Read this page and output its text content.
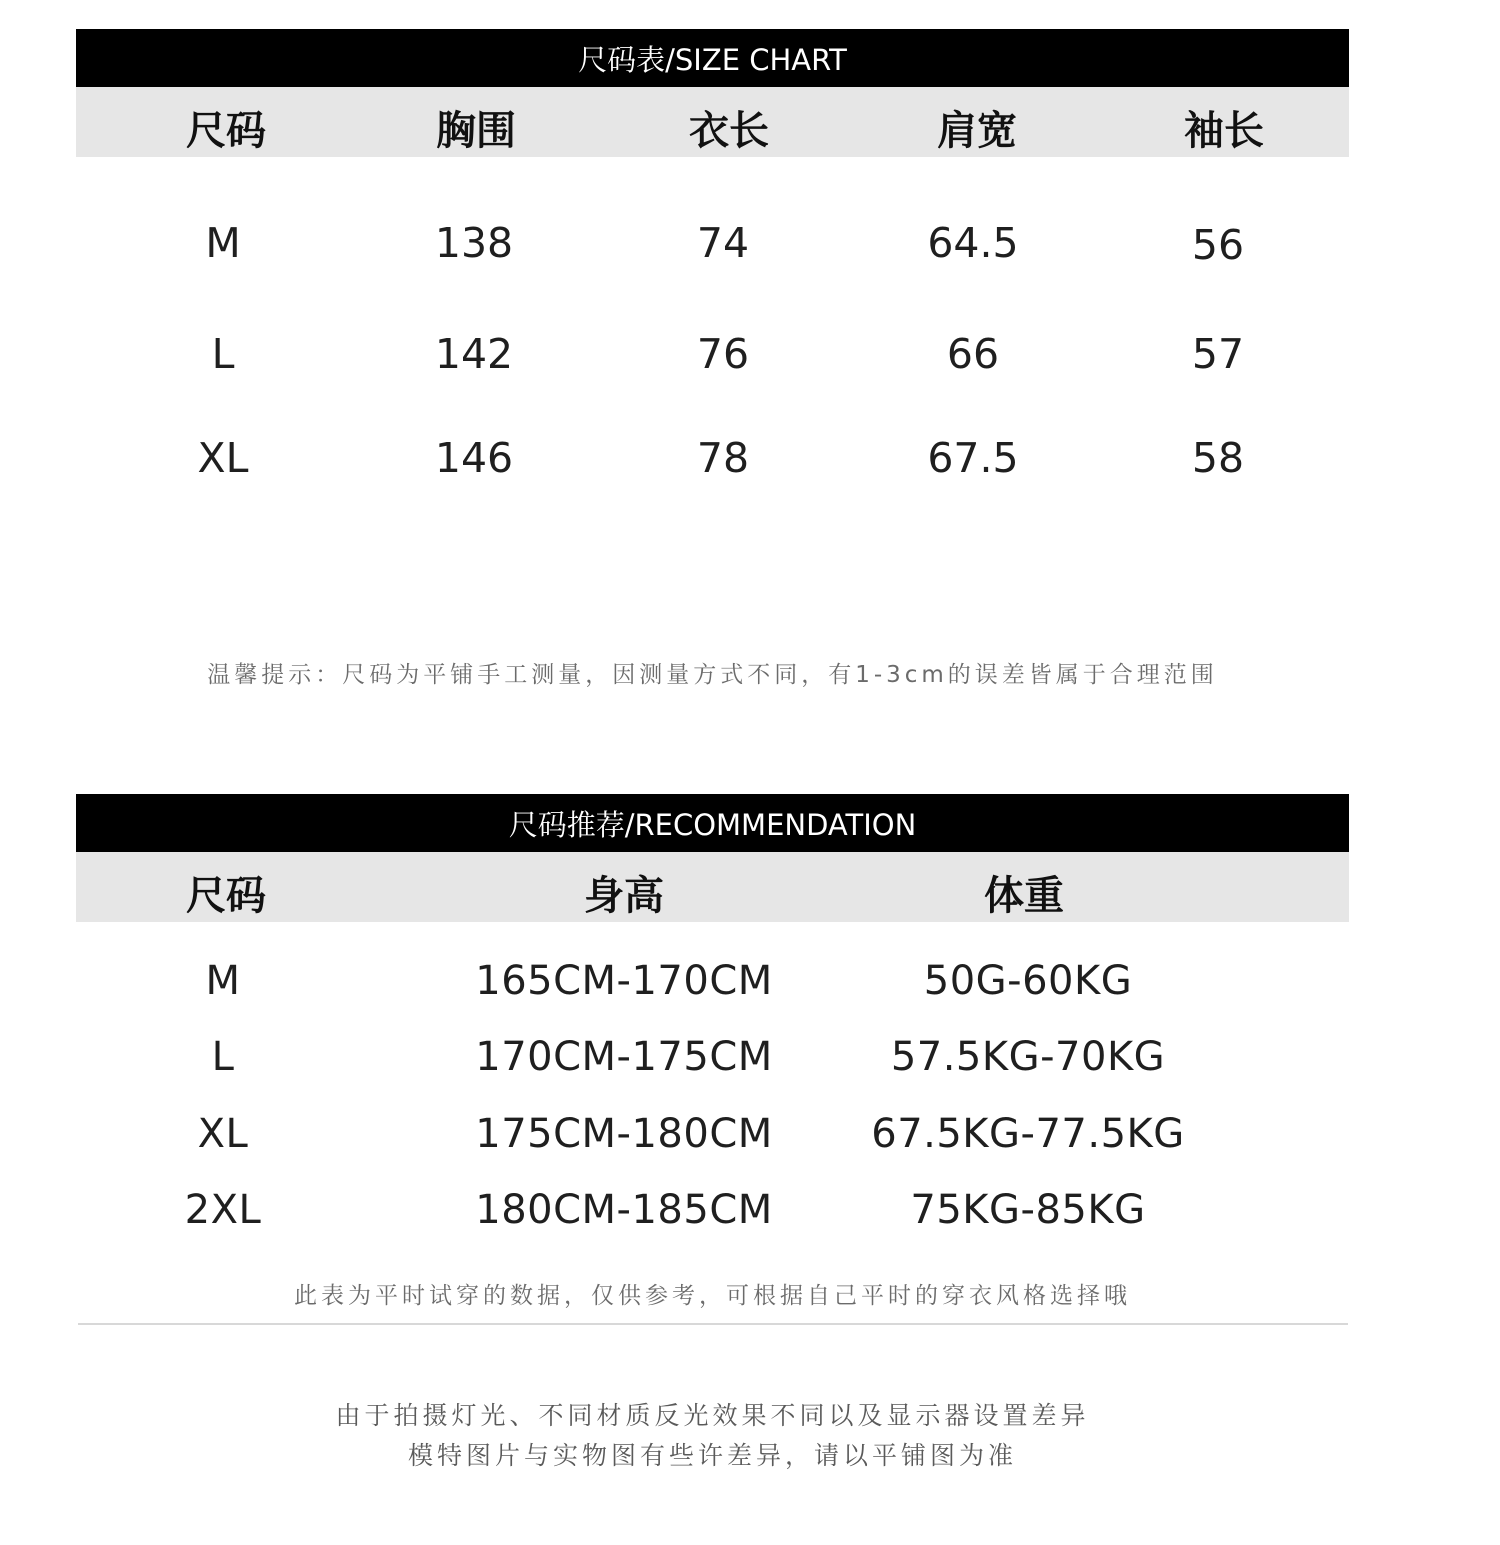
尺码表/SIZE CHART
尺码	胸围	衣长	肩宽	袖长
M	138	74	64.5	56
L	142	76	66	57
XL	146	78	67.5	58
温馨提示：尺码为平铺手工测量，因测量方式不同，有1-3cm的误差皆属于合理范围
尺码推荐/RECOMMENDATION
尺码	身高	体重
M	165CM-170CM	50G-60KG
L	170CM-175CM	57.5KG-70KG
XL	175CM-180CM 67.5KG-77.5KG
2XL	180CM-185CM	75KG-85KG
此表为平时试穿的数据，仅供参考，可根据自己平时的穿衣风格选择哦
由于拍摄灯光、不同材质反光效果不同以及显示器设置差异
模特图片与实物图有些许差异，请以平铺图为准
